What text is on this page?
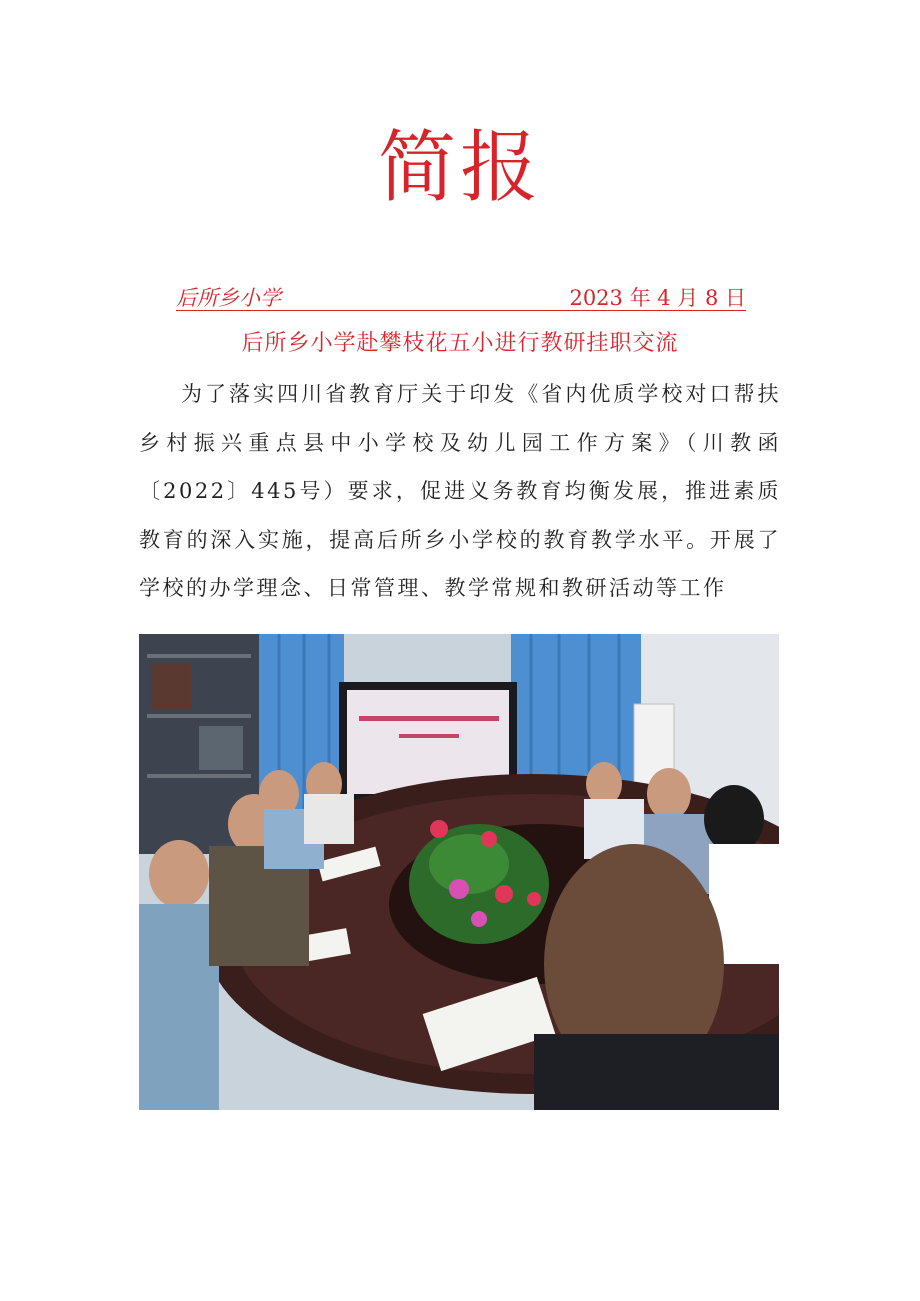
简报
后所乡小学	2023 年 4 月 8 日
后所乡小学赴攀枝花五小进行教研挂职交流

为了落实四川省教育厅关于印发《省内优质学校对口帮扶乡村振兴重点县中小学校及幼儿园工作方案》（川教函〔2022〕445号）要求，促进义务教育均衡发展，推进素质教育的深入实施，提高后所乡小学校的教育教学水平。开展了学校的办学理念、日常管理、教学常规和教研活动等工作
